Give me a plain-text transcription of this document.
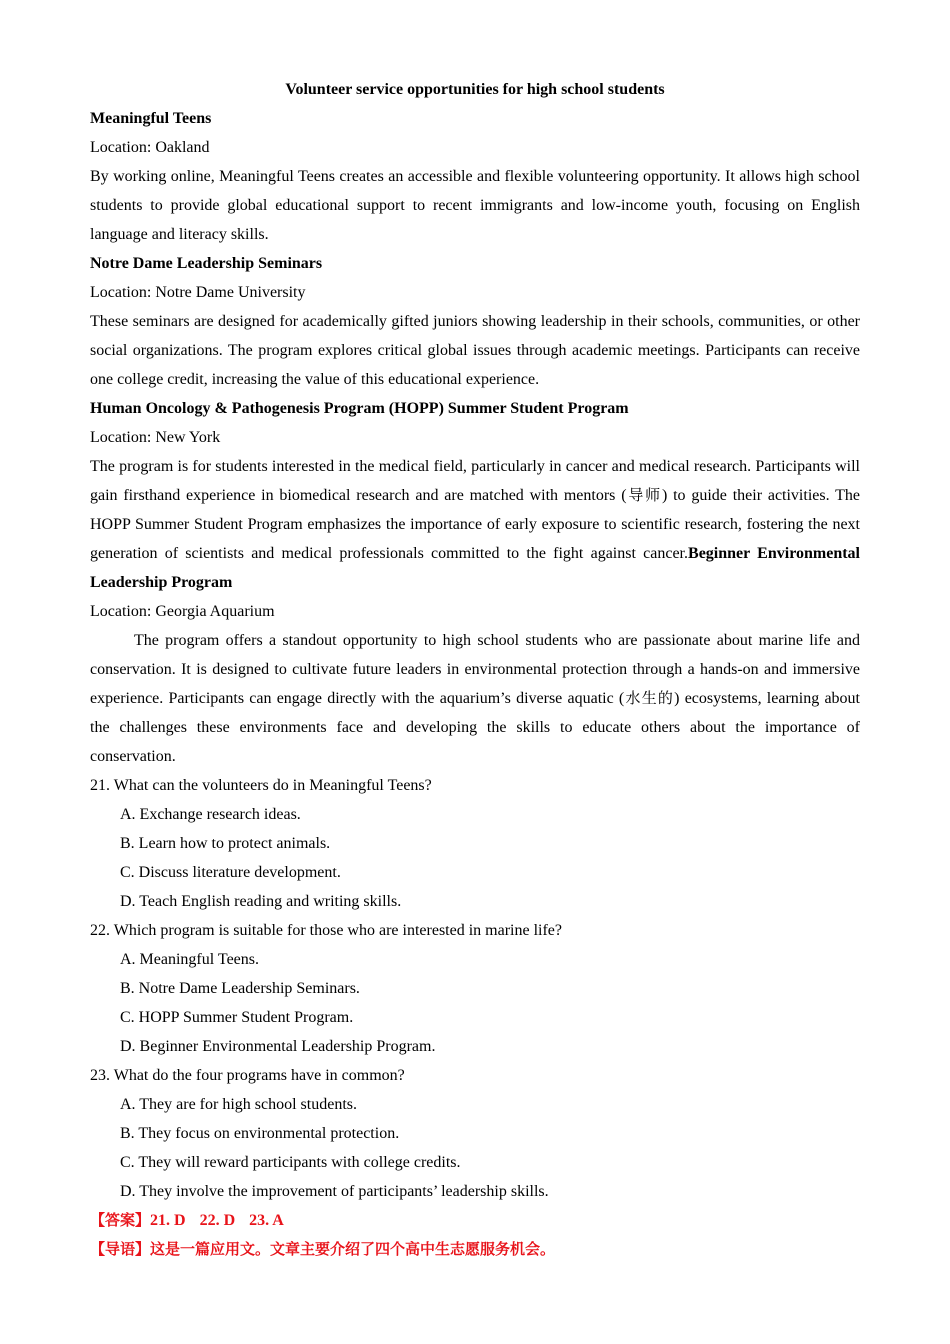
Volunteer service opportunities for high school students

Meaningful Teens

Location: Oakland

By working online, Meaningful Teens creates an accessible and flexible volunteering opportunity. It allows high school students to provide global educational support to recent immigrants and low-income youth, focusing on English language and literacy skills.

Notre Dame Leadership Seminars

Location: Notre Dame University

These seminars are designed for academically gifted juniors showing leadership in their schools, communities, or other social organizations. The program explores critical global issues through academic meetings. Participants can receive one college credit, increasing the value of this educational experience.

Human Oncology & Pathogenesis Program (HOPP) Summer Student Program

Location: New York

The program is for students interested in the medical field, particularly in cancer and medical research. Participants will gain firsthand experience in biomedical research and are matched with mentors (导师) to guide their activities. The HOPP Summer Student Program emphasizes the importance of early exposure to scientific research, fostering the next generation of scientists and medical professionals committed to the fight against cancer.Beginner Environmental Leadership Program

Location: Georgia Aquarium

The program offers a standout opportunity to high school students who are passionate about marine life and conservation. It is designed to cultivate future leaders in environmental protection through a hands-on and immersive experience. Participants can engage directly with the aquarium’s diverse aquatic (水生的) ecosystems, learning about the challenges these environments face and developing the skills to educate others about the importance of conservation.

21. What can the volunteers do in Meaningful Teens?

A. Exchange research ideas.

B. Learn how to protect animals.

C. Discuss literature development.

D. Teach English reading and writing skills.

22. Which program is suitable for those who are interested in marine life?

A. Meaningful Teens.

B. Notre Dame Leadership Seminars.

C. HOPP Summer Student Program.

D. Beginner Environmental Leadership Program.

23. What do the four programs have in common?

A. They are for high school students.

B. They focus on environmental protection.

C. They will reward participants with college credits.

D. They involve the improvement of participants’ leadership skills.

【答案】21. D 22. D 23. A

【导语】这是一篇应用文。文章主要介绍了四个高中生志愿服务机会。
